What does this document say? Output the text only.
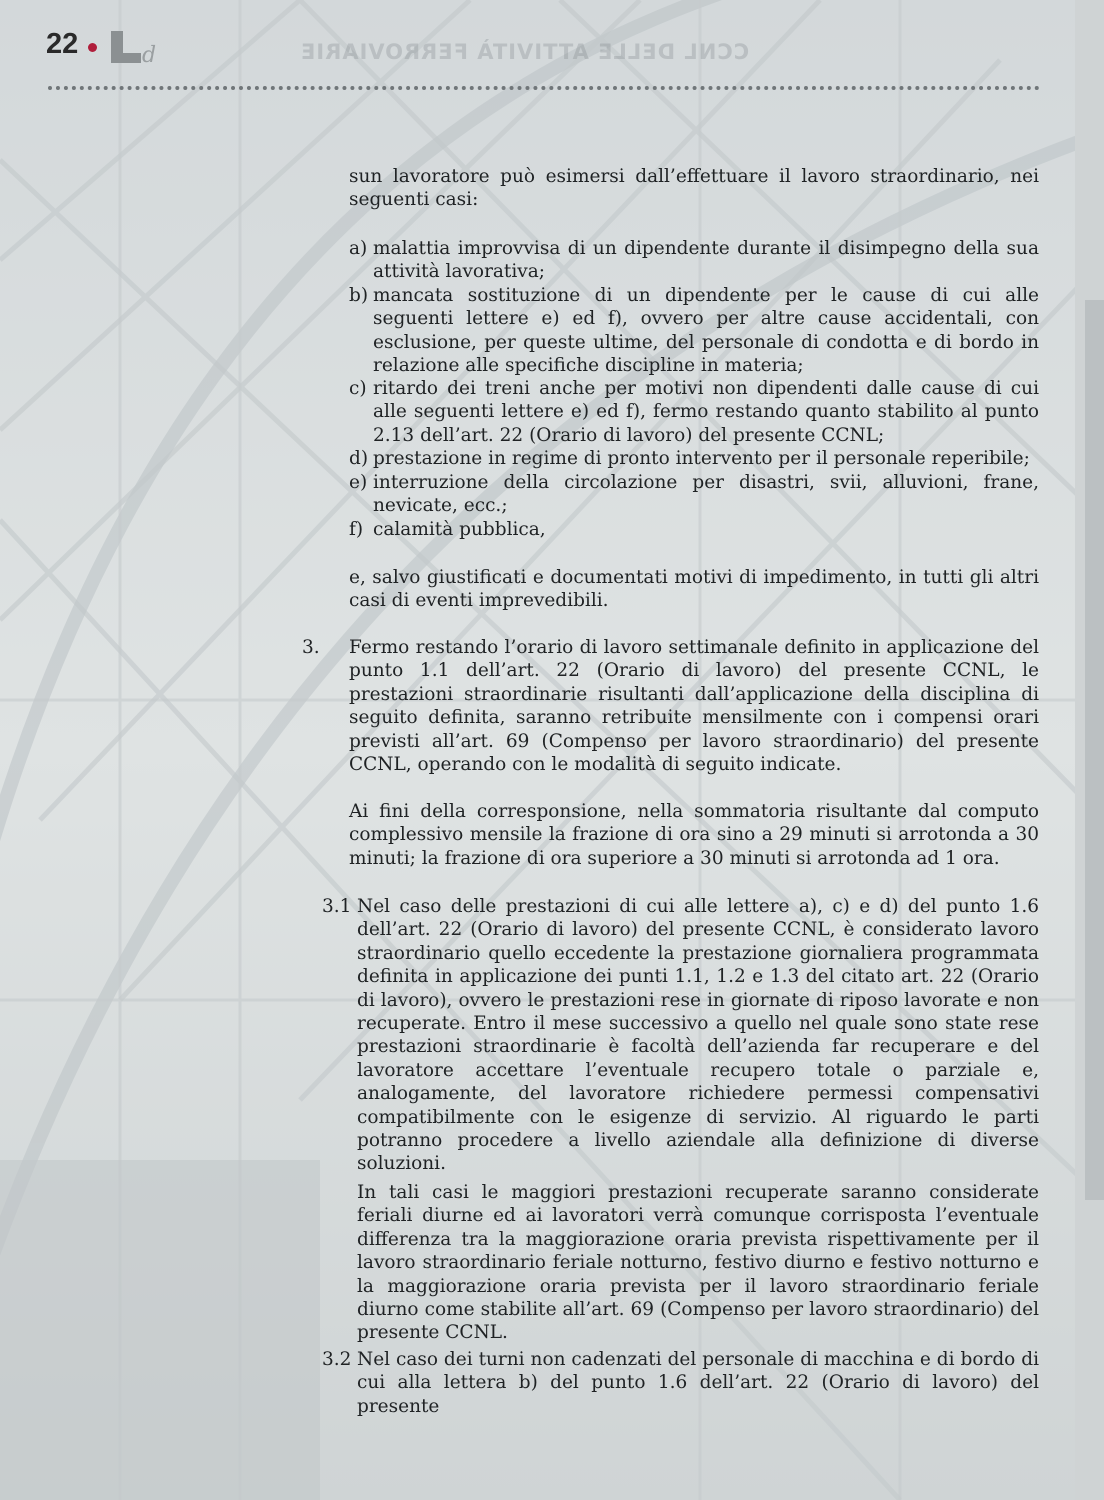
CCNL DELLE ATTIVITÀ FERROVIARIE
22	d

sun lavoratore può esimersi dall’effettuare il lavoro straordinario, nei seguenti casi:

a) malattia improvvisa di un dipendente durante il disimpegno della sua attività lavorativa;

b) mancata sostituzione di un dipendente per le cause di cui alle seguenti lettere e) ed f), ovvero per altre cause accidentali, con esclusione, per queste ultime, del personale di condotta e di bordo in relazione alle specifiche discipline in materia;

c) ritardo dei treni anche per motivi non dipendenti dalle cause di cui alle seguenti lettere e) ed f), fermo restando quanto stabilito al punto 2.13 dell’art. 22 (Orario di lavoro) del presente CCNL;

d) prestazione in regime di pronto intervento per il personale reperibile;

e) interruzione della circolazione per disastri, svii, alluvioni, frane, nevicate, ecc.;

f) calamità pubblica,

e, salvo giustificati e documentati motivi di impedimento, in tutti gli altri casi di eventi imprevedibili.

3. Fermo restando l’orario di lavoro settimanale definito in applicazione del punto 1.1 dell’art. 22 (Orario di lavoro) del presente CCNL, le prestazioni straordinarie risultanti dall’applicazione della disciplina di seguito definita, saranno retribuite mensilmente con i compensi orari previsti all’art. 69 (Compenso per lavoro straordinario) del presente CCNL, operando con le modalità di seguito indicate.

Ai fini della corresponsione, nella sommatoria risultante dal computo complessivo mensile la frazione di ora sino a 29 minuti si arrotonda a 30 minuti; la frazione di ora superiore a 30 minuti si arrotonda ad 1 ora.

3.1 Nel caso delle prestazioni di cui alle lettere a), c) e d) del punto 1.6 dell’art. 22 (Orario di lavoro) del presente CCNL, è considerato lavoro straordinario quello eccedente la prestazione giornaliera programmata definita in applicazione dei punti 1.1, 1.2 e 1.3 del citato art. 22 (Orario di lavoro), ovvero le prestazioni rese in giornate di riposo lavorate e non recuperate. Entro il mese successivo a quello nel quale sono state rese prestazioni straordinarie è facoltà dell’azienda far recuperare e del lavoratore accettare l’eventuale recupero totale o parziale e, analogamente, del lavoratore richiedere permessi compensativi compatibilmente con le esigenze di servizio. Al riguardo le parti potranno procedere a livello aziendale alla definizione di diverse soluzioni.

In tali casi le maggiori prestazioni recuperate saranno considerate feriali diurne ed ai lavoratori verrà comunque corrisposta l’eventuale differenza tra la maggiorazione oraria prevista rispettivamente per il lavoro straordinario feriale notturno, festivo diurno e festivo notturno e la maggiorazione oraria prevista per il lavoro straordinario feriale diurno come stabilite all’art. 69 (Compenso per lavoro straordinario) del presente CCNL.

3.2 Nel caso dei turni non cadenzati del personale di macchina e di bordo di cui alla lettera b) del punto 1.6 dell’art. 22 (Orario di lavoro) del presente
